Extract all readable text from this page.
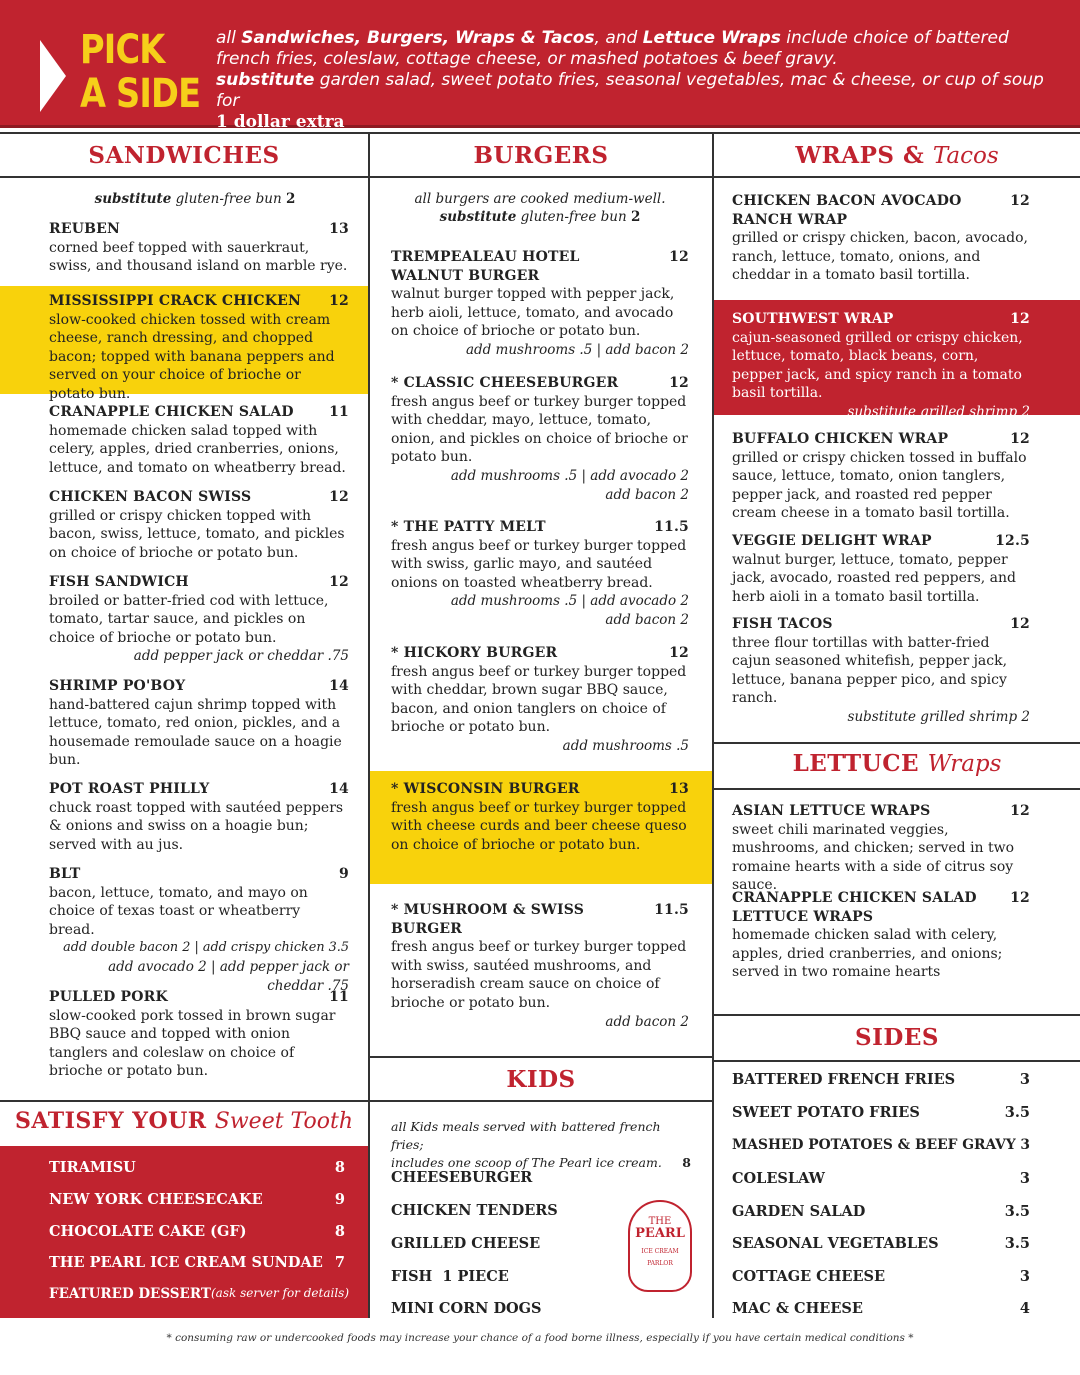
PICK
A SIDE
all Sandwiches, Burgers, Wraps & Tacos, and Lettuce Wraps include choice of battered french fries, coleslaw, cottage cheese, or mashed potatoes & beef gravy.
substitute garden salad, sweet potato fries, seasonal vegetables, mac & cheese, or cup of soup for
1 dollar extra
SANDWICHES	BURGERS	WRAPS & Tacos
substitute gluten-free bun 2
REUBEN	13
corned beef topped with sauerkraut, swiss, and thousand island on marble rye.
MISSISSIPPI CRACK CHICKEN	12
slow-cooked chicken tossed with cream cheese, ranch dressing, and chopped bacon; topped with banana peppers and served on your choice of brioche or potato bun.
CRANAPPLE CHICKEN SALAD	11
homemade chicken salad topped with celery, apples, dried cranberries, onions, lettuce, and tomato on wheatberry bread.
CHICKEN BACON SWISS	12
grilled or crispy chicken topped with bacon, swiss, lettuce, tomato, and pickles on choice of brioche or potato bun.
FISH SANDWICH	12
broiled or batter-fried cod with lettuce, tomato, tartar sauce, and pickles on choice of brioche or potato bun.
add pepper jack or cheddar .75
SHRIMP PO'BOY	14
hand-battered cajun shrimp topped with lettuce, tomato, red onion, pickles, and a housemade remoulade sauce on a hoagie bun.
POT ROAST PHILLY	14
chuck roast topped with sautéed peppers & onions and swiss on a hoagie bun; served with au jus.
BLT	9
bacon, lettuce, tomato, and mayo on choice of texas toast or wheatberry bread.
add double bacon 2 | add crispy chicken 3.5
add avocado 2 | add pepper jack or
cheddar .75
PULLED PORK	11
slow-cooked pork tossed in brown sugar BBQ sauce and topped with onion tanglers and coleslaw on choice of brioche or potato bun.
SATISFY YOUR Sweet Tooth
TIRAMISU	8
NEW YORK CHEESECAKE	9
CHOCOLATE CAKE (GF)	8
THE PEARL ICE CREAM SUNDAE 7
FEATURED DESSERT (ask server for details)
all burgers are cooked medium-well.
substitute gluten-free bun 2
TREMPEALEAU HOTEL WALNUT BURGER
12
walnut burger topped with pepper jack, herb aioli, lettuce, tomato, and avocado on choice of brioche or potato bun.
add mushrooms .5 | add bacon 2
* CLASSIC CHEESEBURGER	12
fresh angus beef or turkey burger topped with cheddar, mayo, lettuce, tomato, onion, and pickles on choice of brioche or potato bun.
add mushrooms .5 | add avocado 2
add bacon 2
* THE PATTY MELT	11.5
fresh angus beef or turkey burger topped with swiss, garlic mayo, and sautéed onions on toasted wheatberry bread.
add mushrooms .5 | add avocado 2
add bacon 2
* HICKORY BURGER	12
fresh angus beef or turkey burger topped with cheddar, brown sugar BBQ sauce, bacon, and onion tanglers on choice of brioche or potato bun.
add mushrooms .5
* WISCONSIN BURGER	13
fresh angus beef or turkey burger topped with cheese curds and beer cheese queso on choice of brioche or potato bun.
* MUSHROOM & SWISS BURGER
11.5
fresh angus beef or turkey burger topped with swiss, sautéed mushrooms, and horseradish cream sauce on choice of brioche or potato bun.
add bacon 2
KIDS
all Kids meals served with battered french fries;
includes one scoop of The Pearl ice cream. 8
CHEESEBURGER
CHICKEN TENDERS
GRILLED CHEESE
FISH  1 PIECE
MINI CORN DOGS
THE
PEARL
ICE CREAM PARLOR
CHICKEN BACON AVOCADO RANCH WRAP
12
grilled or crispy chicken, bacon, avocado, ranch, lettuce, tomato, onions, and cheddar in a tomato basil tortilla.
SOUTHWEST WRAP	12
cajun-seasoned grilled or crispy chicken, lettuce, tomato, black beans, corn, pepper jack, and spicy ranch in a tomato basil tortilla.
substitute grilled shrimp 2
BUFFALO CHICKEN WRAP	12
grilled or crispy chicken tossed in buffalo sauce, lettuce, tomato, onion tanglers, pepper jack, and roasted red pepper cream cheese in a tomato basil tortilla.
VEGGIE DELIGHT WRAP	12.5
walnut burger, lettuce, tomato, pepper jack, avocado, roasted red peppers, and herb aioli in a tomato basil tortilla.
FISH TACOS	12
three flour tortillas with batter-fried cajun seasoned whitefish, pepper jack, lettuce, banana pepper pico, and spicy ranch.
substitute grilled shrimp 2
LETTUCE Wraps
ASIAN LETTUCE WRAPS	12
sweet chili marinated veggies, mushrooms, and chicken; served in two romaine hearts with a side of citrus soy sauce.
CRANAPPLE CHICKEN SALAD LETTUCE WRAPS
12
homemade chicken salad with celery, apples, dried cranberries, and onions; served in two romaine hearts
SIDES
BATTERED FRENCH FRIES	3
SWEET POTATO FRIES	3.5
MASHED POTATOES & BEEF GRAVY 3
COLESLAW	3
GARDEN SALAD	3.5
SEASONAL VEGETABLES	3.5
COTTAGE CHEESE	3
MAC & CHEESE	4
* consuming raw or undercooked foods may increase your chance of a food borne illness, especially if you have certain medical conditions *
